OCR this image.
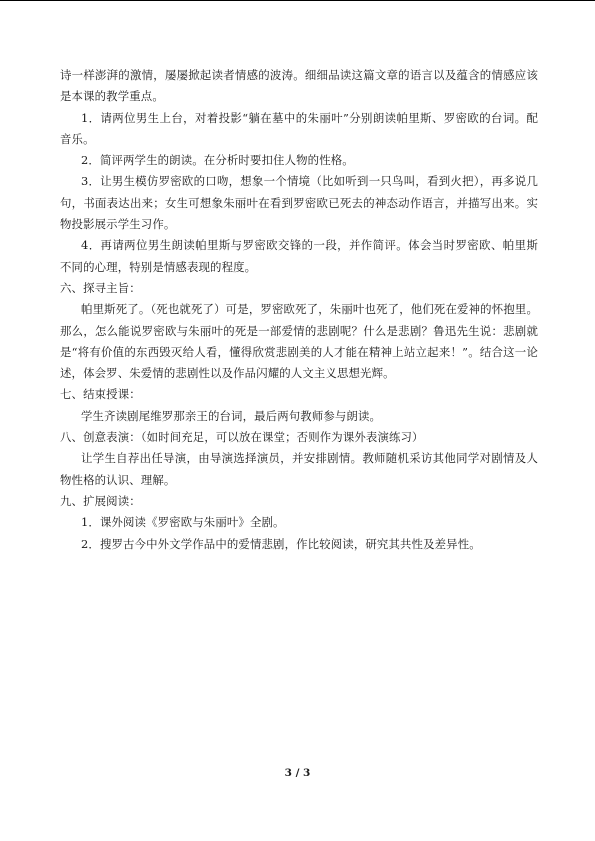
诗一样澎湃的激情，屡屡掀起读者情感的波涛。细细品读这篇文章的语言以及蕴含的情感应该是本课的教学重点。

1．请两位男生上台，对着投影“躺在墓中的朱丽叶”分别朗读帕里斯、罗密欧的台词。配音乐。

2．简评两学生的朗读。在分析时要扣住人物的性格。

3．让男生模仿罗密欧的口吻，想象一个情境（比如听到一只鸟叫，看到火把），再多说几句，书面表达出来；女生可想象朱丽叶在看到罗密欧已死去的神态动作语言，并描写出来。实物投影展示学生习作。

4．再请两位男生朗读帕里斯与罗密欧交锋的一段，并作简评。体会当时罗密欧、帕里斯不同的心理，特别是情感表现的程度。

六、探寻主旨：

帕里斯死了。（死也就死了）可是，罗密欧死了，朱丽叶也死了，他们死在爱神的怀抱里。那么，怎么能说罗密欧与朱丽叶的死是一部爱情的悲剧呢？什么是悲剧？鲁迅先生说：悲剧就是“将有价值的东西毁灭给人看，懂得欣赏悲剧美的人才能在精神上站立起来！”。结合这一论述，体会罗、朱爱情的悲剧性以及作品闪耀的人文主义思想光辉。

七、结束授课：

学生齐读剧尾维罗那亲王的台词，最后两句教师参与朗读。

八、创意表演：（如时间充足，可以放在课堂；否则作为课外表演练习）

让学生自荐出任导演，由导演选择演员，并安排剧情。教师随机采访其他同学对剧情及人物性格的认识、理解。

九、扩展阅读：

1．课外阅读《罗密欧与朱丽叶》全剧。

2．搜罗古今中外文学作品中的爱情悲剧，作比较阅读，研究其共性及差异性。

3 / 3
